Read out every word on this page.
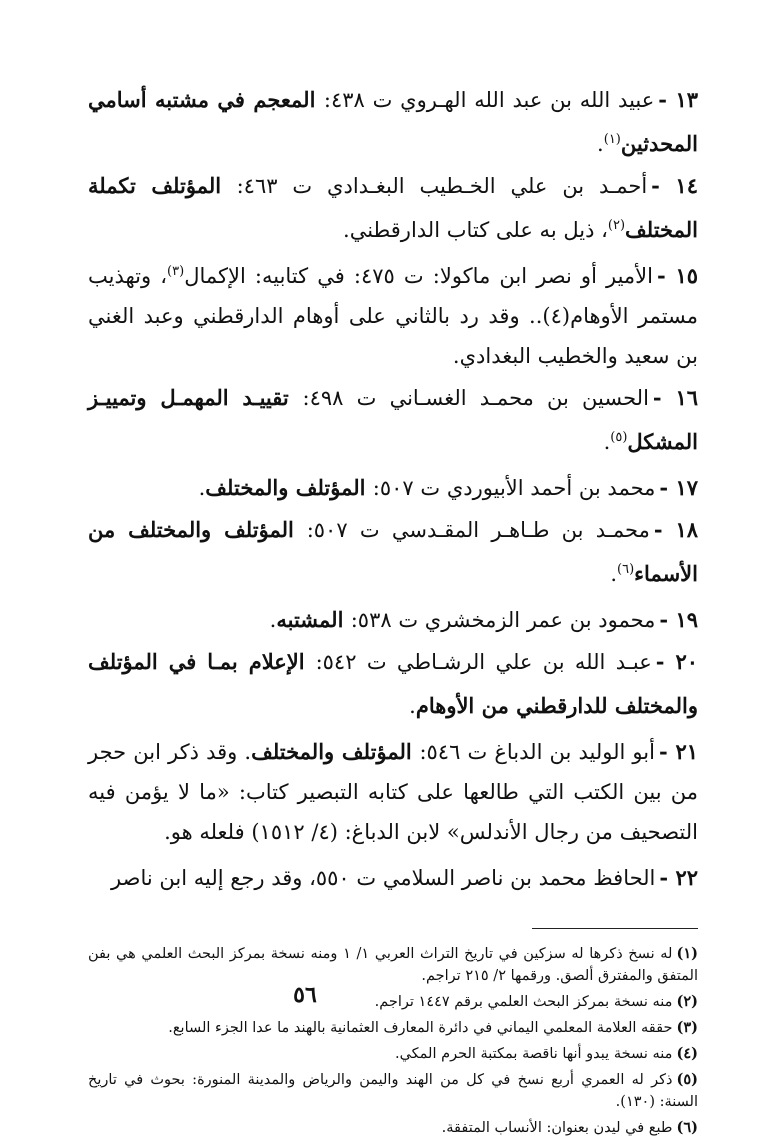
١٣ -عبيد الله بن عبد الله الهـروي ت ٤٣٨: المعجم في مشتبه أسامي المحدثين$^{(١)}$.

١٤ -أحمـد بن علي الخـطيب البغـدادي ت ٤٦٣: المؤتلف تكملة المختلف$^{(٢)}$، ذيل به على كتاب الدارقطني.

١٥ -الأمير أو نصر ابن ماكولا: ت ٤٧٥: في كتابيه: الإكمال$^{(٣)}$، وتهذيب مستمر الأوهام(٤).. وقد رد بالثاني على أوهام الدارقطني وعبد الغني بن سعيد والخطيب البغدادي.

١٦ -الحسين بن محمـد الغسـاني ت ٤٩٨: تقييـد المهمـل وتمييـز المشكل$^{(٥)}$.

١٧ -محمد بن أحمد الأبيوردي ت ٥٠٧: المؤتلف والمختلف.

١٨ -محمـد بن طـاهـر المقـدسي ت ٥٠٧: المؤتلف والمختلف من الأسماء$^{(٦)}$.

١٩ -محمود بن عمر الزمخشري ت ٥٣٨: المشتبه.

٢٠ -عبـد الله بن علي الرشـاطي ت ٥٤٢: الإعلام بمـا في المؤتلف والمختلف للدارقطني من الأوهام.

٢١ -أبو الوليد بن الدباغ ت ٥٤٦: المؤتلف والمختلف. وقد ذكر ابن حجر من بين الكتب التي طالعها على كتابه التبصير كتاب: «ما لا يؤمن فيه التصحيف من رجال الأندلس» لابن الدباغ: (٤/ ١٥١٢) فلعله هو.

٢٢ -الحافظ محمد بن ناصر السلامي ت ٥٥٠، وقد رجع إليه ابن ناصر

(١)له نسخ ذكرها له سزكين في تاريخ التراث العربي ١/ ١ ومنه نسخة بمركز البحث العلمي هي بفن المتفق والمفترق ألصق. ورقمها ٢/ ٢١٥ تراجم.

(٢)منه نسخة بمركز البحث العلمي برقم ١٤٤٧ تراجم.

(٣)حققه العلامة المعلمي اليماني في دائرة المعارف العثمانية بالهند ما عدا الجزء السابع.

(٤)منه نسخة يبدو أنها ناقصة بمكتبة الحرم المكي.

(٥)ذكر له العمري أربع نسخ في كل من الهند واليمن والرياض والمدينة المنورة: بحوث في تاريخ السنة: (١٣٠).

(٦)طبع في ليدن بعنوان: الأنساب المتفقة.

٥٦
